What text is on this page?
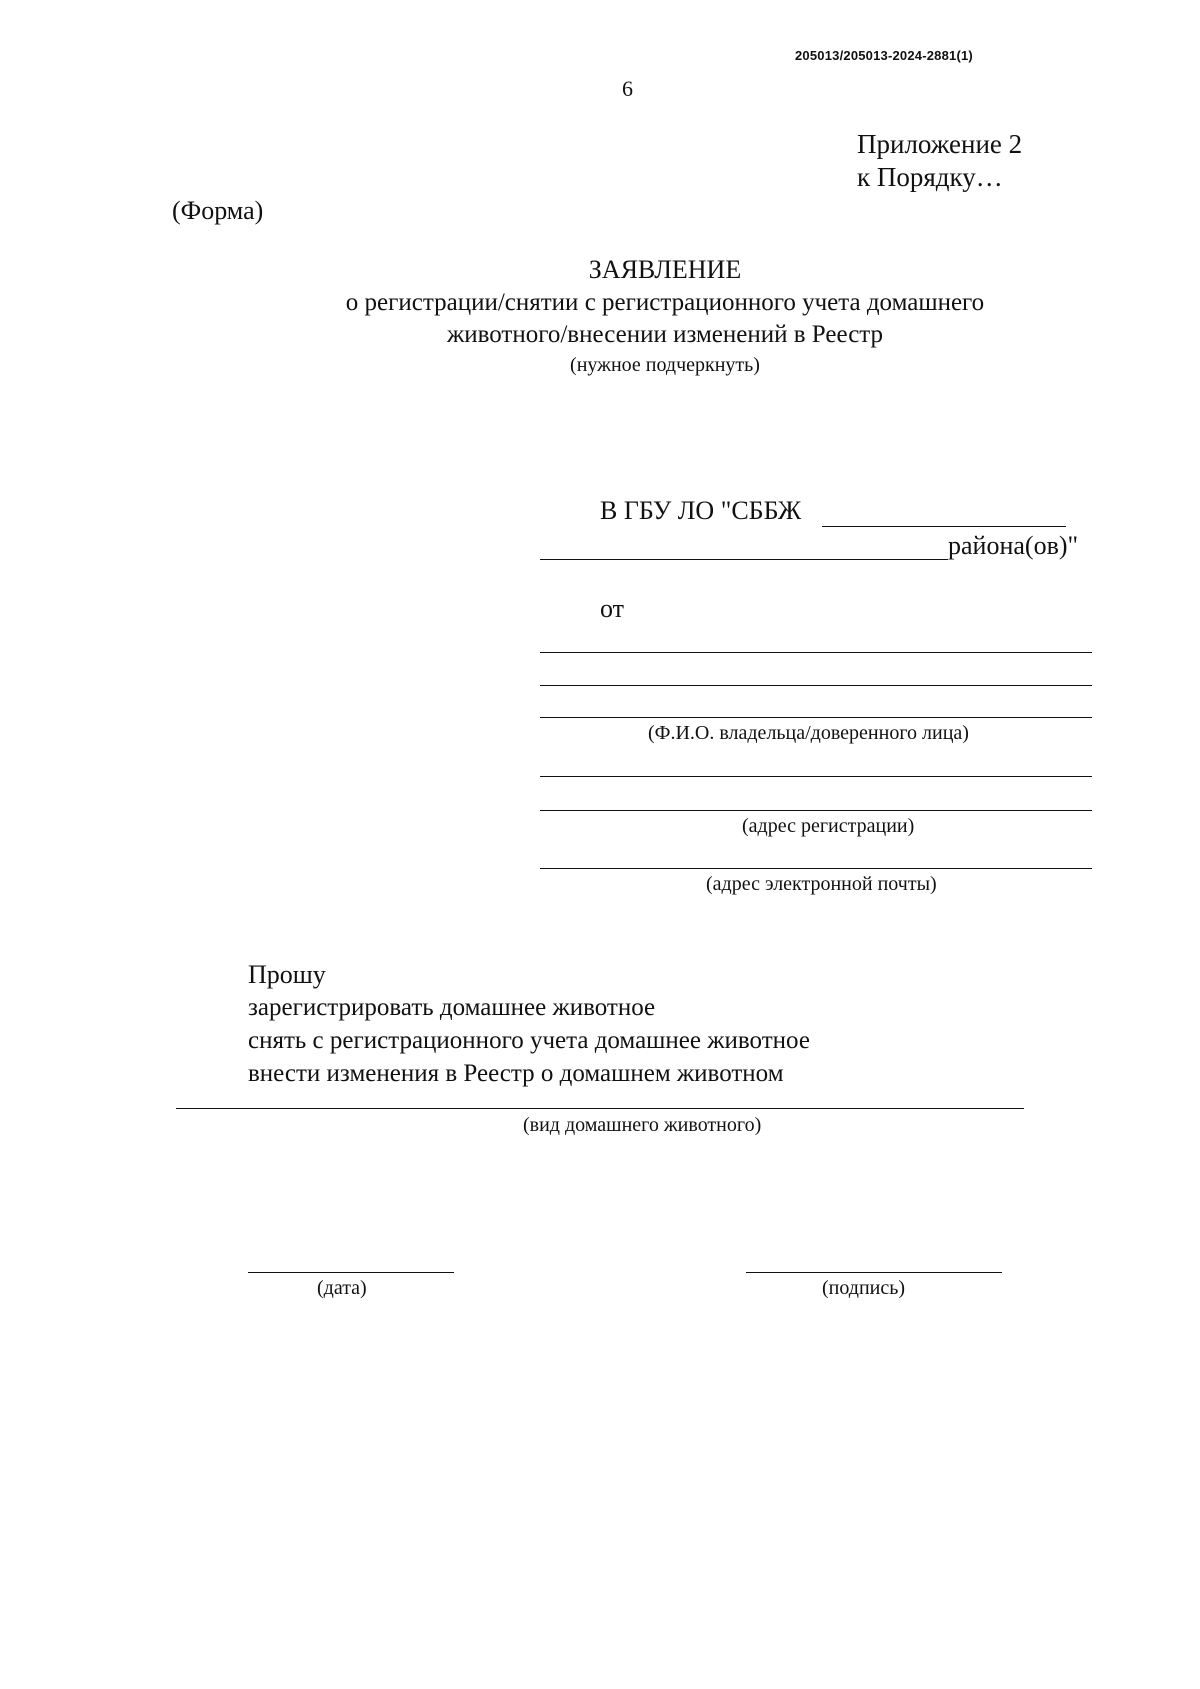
205013/205013-2024-2881(1)
6
Приложение 2
к Порядку…
(Форма)
ЗАЯВЛЕНИЕ
о регистрации/снятии с регистрационного учета домашнего
животного/внесении изменений в Реестр
(нужное подчеркнуть)
В ГБУ ЛО "СББЖ
района(ов)"
от
(Ф.И.О. владельца/доверенного лица)
(адрес регистрации)
(адрес электронной почты)
Прошу
зарегистрировать домашнее животное
снять с регистрационного учета домашнее животное
внести изменения в Реестр о домашнем животном
(вид домашнего животного)
(дата)	(подпись)
